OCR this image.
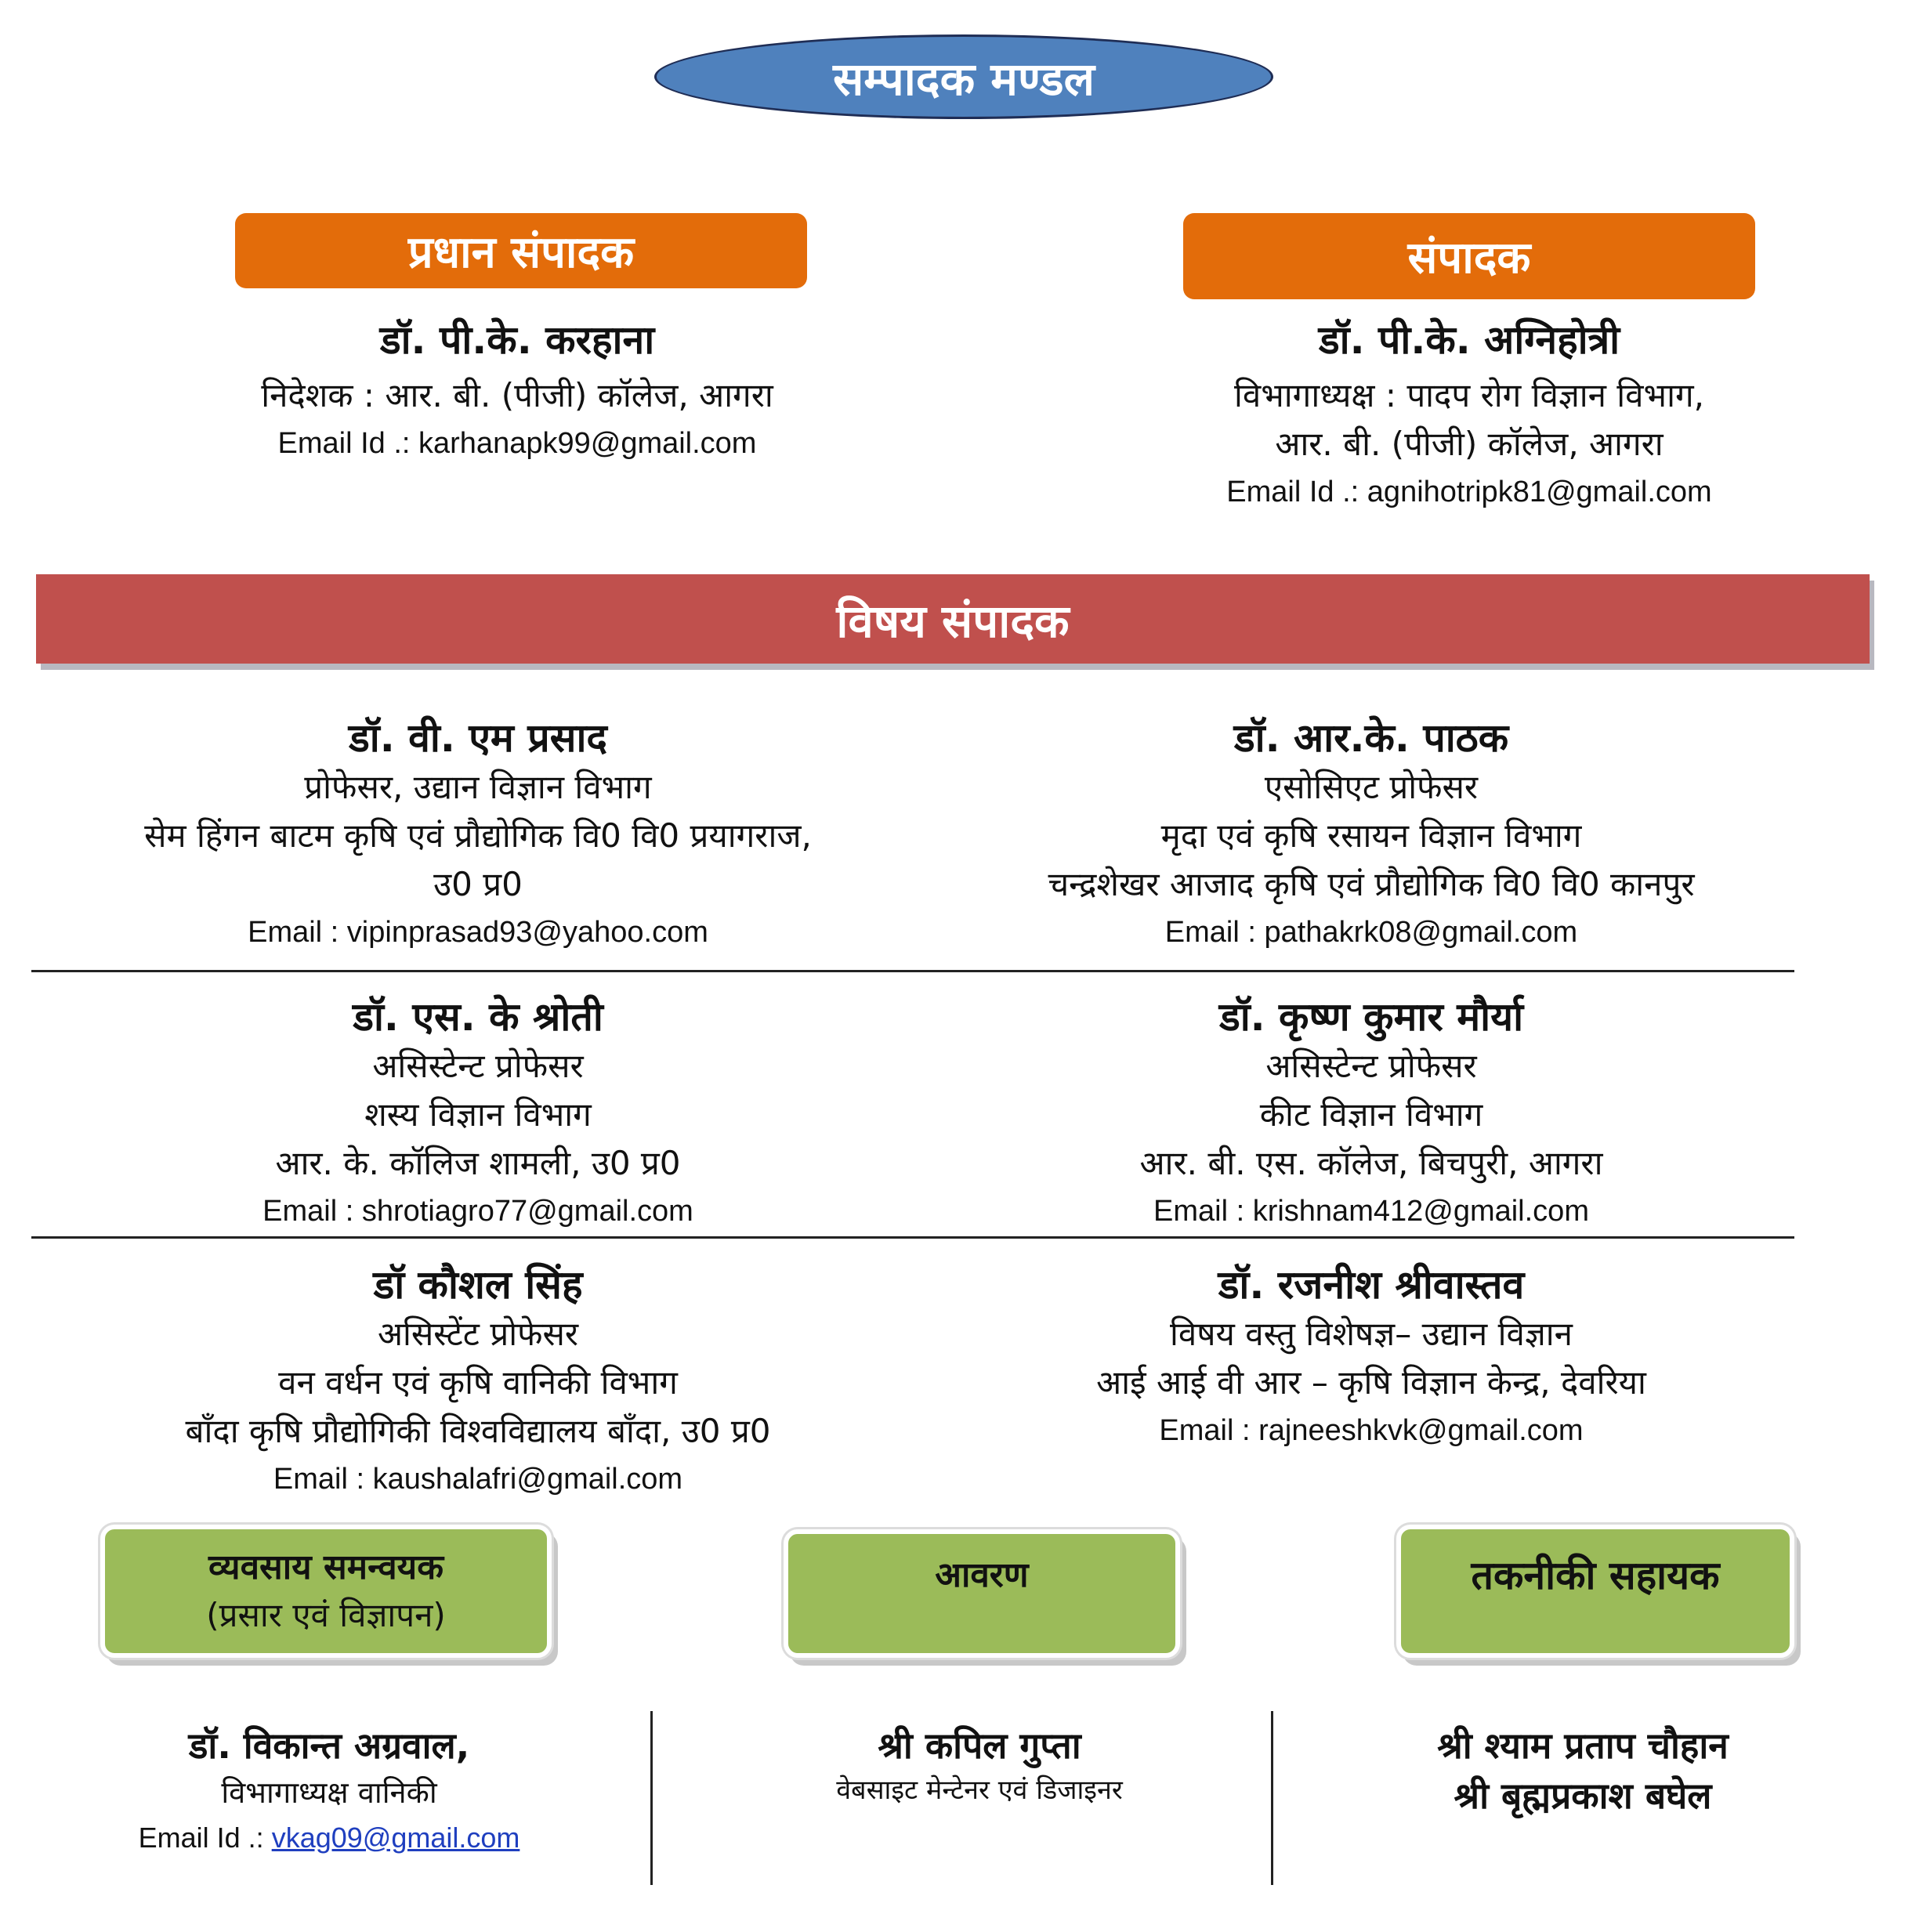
सम्पादक मण्डल
प्रधान संपादक
डॉ. पी.के. करहाना
निदेशक : आर. बी. (पीजी) कॉलेज, आगरा
Email Id .: karhanapk99@gmail.com
संपादक
डॉ. पी.के. अग्निहोत्री
विभागाध्यक्ष : पादप रोग विज्ञान विभाग,
आर. बी. (पीजी) कॉलेज, आगरा
Email Id .: agnihotripk81@gmail.com
विषय संपादक
डॉ. वी. एम प्रसाद
प्रोफेसर, उद्यान विज्ञान विभाग
सेम हिंगन बाटम कृषि एवं प्रौद्योगिक वि0 वि0 प्रयागराज,
उ0 प्र0
Email : vipinprasad93@yahoo.com
डॉ. आर.के. पाठक
एसोसिएट प्रोफेसर
मृदा एवं कृषि रसायन विज्ञान विभाग
चन्द्रशेखर आजाद कृषि एवं प्रौद्योगिक वि0 वि0 कानपुर
Email : pathakrk08@gmail.com
डॉ. एस. के श्रोती
असिस्टेन्ट प्रोफेसर
शस्य विज्ञान विभाग
आर. के. कॉलिज शामली, उ0 प्र0
Email : shrotiagro77@gmail.com
डॉ. कृष्ण कुमार मौर्या
असिस्टेन्ट प्रोफेसर
कीट विज्ञान विभाग
आर. बी. एस. कॉलेज, बिचपुरी, आगरा
Email : krishnam412@gmail.com
डॉ कौशल सिंह
असिस्टेंट प्रोफेसर
वन वर्धन एवं कृषि वानिकी विभाग
बाँदा कृषि प्रौद्योगिकी विश्वविद्यालय बाँदा, उ0 प्र0
Email : kaushalafri@gmail.com
डॉ. रजनीश श्रीवास्तव
विषय वस्तु विशेषज्ञ– उद्यान विज्ञान
आई आई वी आर – कृषि विज्ञान केन्द्र, देवरिया
Email : rajneeshkvk@gmail.com
व्यवसाय समन्वयक
(प्रसार एवं विज्ञापन)
आवरण	तकनीकी सहायक
डॉ. विकान्त अग्रवाल,
विभागाध्यक्ष वानिकी
Email Id .: vkag09@gmail.com
श्री कपिल गुप्ता
वेबसाइट मेन्टेनर एवं डिजाइनर
श्री श्याम प्रताप चौहान
श्री बृह्मप्रकाश बघेल
